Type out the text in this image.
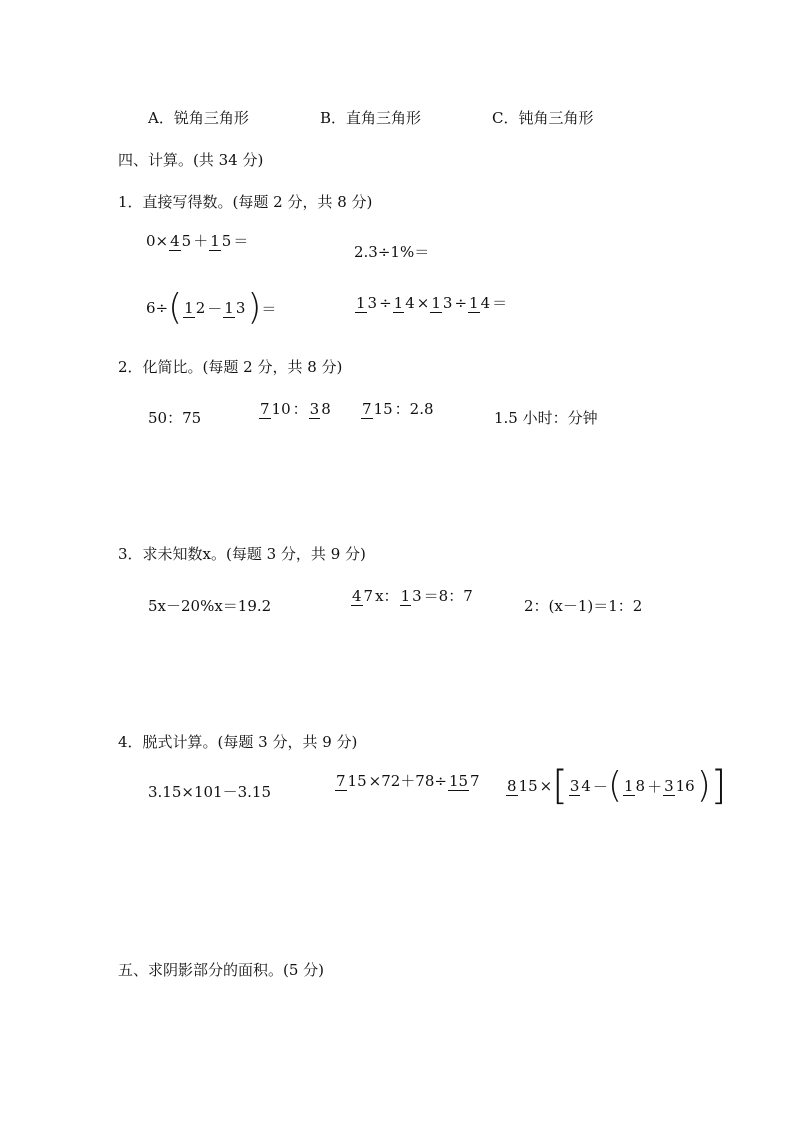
A．锐角三角形	B．直角三角形	C．钝角三角形
四、计算。(共 34 分)
1．直接写得数。(每题 2 分，共 8 分)
0× 4 5 ＋ 1 5 ＝
2.3÷1%＝
6÷ ( 1 2 － 1 3 ) ＝	1 3 ÷ 1 4 × 1 3 ÷ 1 4 ＝
2．化简比。(每题 2 分，共 8 分)
50：75
7 10 ： 3 8 7 15 ： 2.8
1.5 小时：分钟
3．求未知数x。(每题 3 分，共 9 分)
5x－20%x＝19.2
4 7 x： 1 3 ＝8：7
2：(x－1)＝1：2
4．脱式计算。(每题 3 分，共 9 分)
3.15×101－3.15
7 15 ×72＋78÷ 15 7 8 15 × [ 3 4 － ( 1 8 ＋ 3 16 ) ]
五、求阴影部分的面积。(5 分)
